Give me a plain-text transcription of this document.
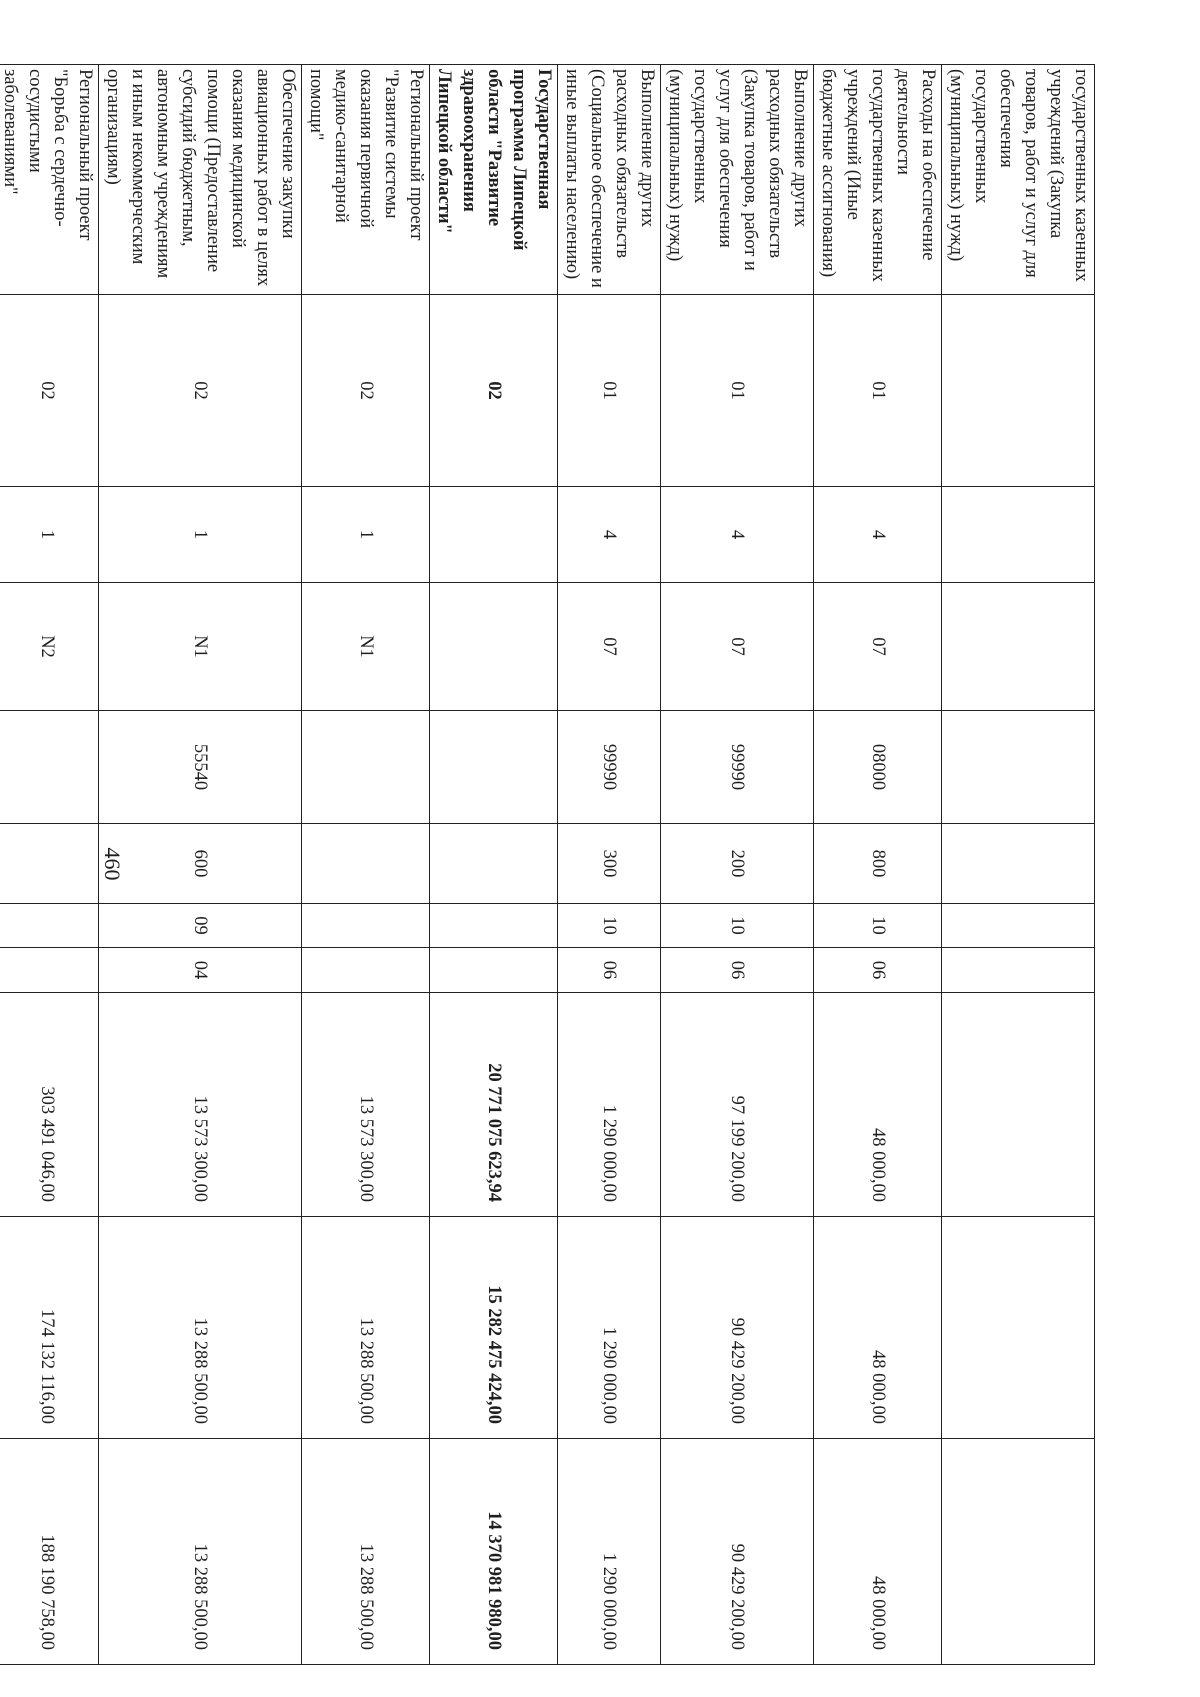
460
государственных казенных учреждений (Закупка товаров, работ и услуг для обеспечения государственных (муниципальных) нужд)										
Расходы на обеспечение деятельности государственных казенных учреждений (Иные бюджетные ассигнования)	01	4	07	08000	800	10	06	48 000,00	48 000,00	48 000,00
Выполнение других расходных обязательств (Закупка товаров, работ и услуг для обеспечения государственных (муниципальных) нужд)	01	4	07	99990	200	10	06	97 199 200,00	90 429 200,00	90 429 200,00
Выполнение других расходных обязательств (Социальное обеспечение и иные выплаты населению)	01	4	07	99990	300	10	06	1 290 000,00	1 290 000,00	1 290 000,00
Государственная программа Липецкой области "Развитие здравоохранения Липецкой области"	02							20 771 075 623,94	15 282 475 424,00	14 370 981 980,00
Региональный проект "Развитие системы оказания первичной медико-санитарной помощи"	02	1	N1					13 573 300,00	13 288 500,00	13 288 500,00
Обеспечение закупки авиационных работ в целях оказания медицинской помощи (Предоставление субсидий бюджетным, автономным учреждениям и иным некоммерческим организациям)	02	1	N1	55540	600	09	04	13 573 300,00	13 288 500,00	13 288 500,00
Региональный проект "Борьба с сердечно-сосудистыми заболеваниями"	02	1	N2					303 491 046,00	174 132 116,00	188 190 758,00
